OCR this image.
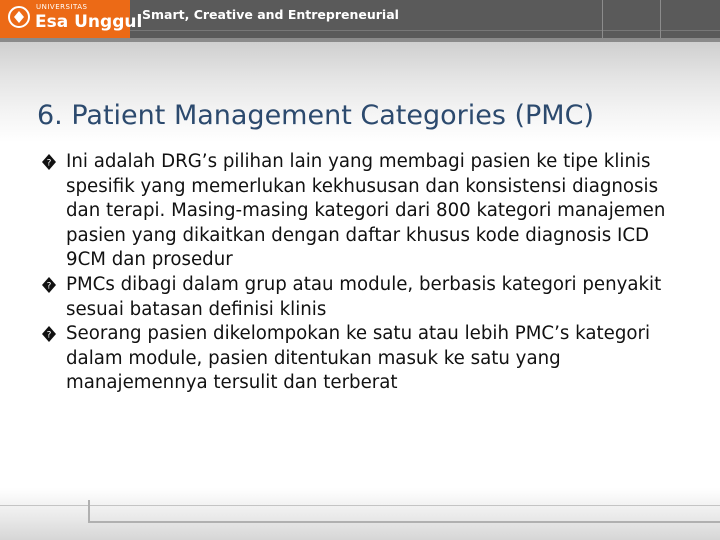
UNIVERSITAS
Esa Unggul Smart, Creative and Entrepreneurial
6. Patient Management Categories (PMC)
? Ini adalah DRG’s pilihan lain yang membagi pasien ke tipe klinis spesifik yang memerlukan kekhususan dan konsistensi diagnosis dan terapi. Masing-masing kategori dari 800 kategori manajemen pasien yang dikaitkan dengan daftar khusus kode diagnosis ICD 9CM dan prosedur
? PMCs dibagi dalam grup atau module, berbasis kategori penyakit sesuai batasan definisi klinis
? Seorang pasien dikelompokan ke satu atau lebih PMC’s kategori dalam module, pasien ditentukan masuk ke satu yang manajemennya tersulit dan terberat
